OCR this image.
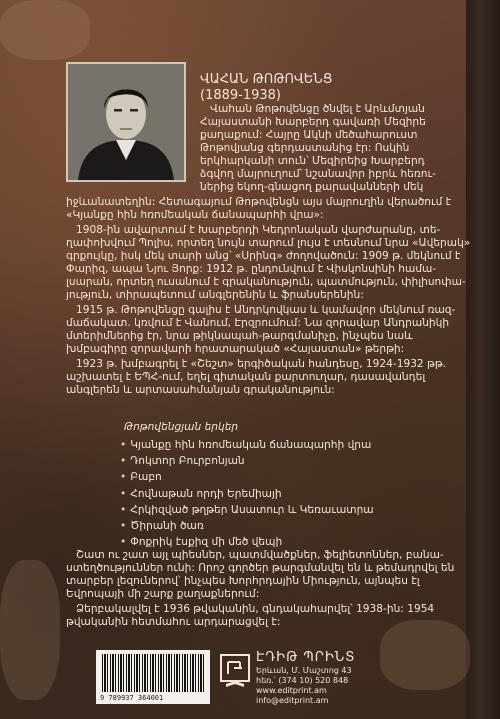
ՎԱՀԱՆ ԹՈԹՈՎԵՆՑ
(1889-1938)
Վահան Թոթովենցը ծնվել է Արևմտյան
Հայաստանի Խարբերդ գավառի Մեզիրե
քաղաքում: Հայրը Ակնի մեծահարուստ
Թոթովյանց գերդաստանից էր: Ոսկին
երկհարկանի տուն՝ Մեզիրեից Խարբերդ
ձգվող մայրուղում՝ նշանավոր իբրև հեռու-
ներից եկող-գնացող քարավանների մեկ
իջևանատեղին: Հետագայում Թոթովենցն այս մայրուղին վերածում է
«Կյանքը հին հռոմեական ճանապարհի վրա»:
1908-ին ավարտում է Խարբերդի Կեդրոնական վարժարանը, տե-
ղափոխվում Պոլիս, որտեղ նույն տարում լույս է տեսնում նրա «Ավերակ»
գրքույկը, իսկ մեկ տարի անց՝ «Սրինգ» ժողովածուն: 1909 թ. մեկնում է
Փարիզ, ապա Նյու Յորք: 1912 թ. ընդունվում է Վիսկոնսինի համա-
լսարան, որտեղ ուսանում է գրականություն, պատմություն, փիլիսոփա-
յություն, տիրապետում անգլերենին և ֆրանսերենին:
1915 թ. Թոթովենցը գալիս է Անդրկովկաս և կամավոր մեկնում ռազ-
մաճակատ. կռվում է Վանում, Էրզրումում: Նա զորավար Անդրանիկի
մտերիմներից էր, նրա թիկնապահ-թարգմանիչը, ինչպես նաև
խմբագիրը զորավարի հրատարակած «Հայաստան» թերթի:
1923 թ. խմբագրել է «Շեշտ» երգիծական հանդեսը, 1924-1932 թթ.
աշխատել է ԵՊՀ-ում, եղել գիտական քարտուղար, դասավանդել
անգլերեն և արտասահմանյան գրականություն:
Թոթովենցյան երկեր
• Կյանքը հին հռոմեական ճանապարհի վրա
• Դոկտոր Բուրբոնյան
• Բաբո
• Հովնաթան որդի Երեմիայի
• Հրկիզված թղթեր Ասատուր և Կեռաւատրա
• Ծիրանի ծառ
• Փոքրիկ էսքիզ մի մեծ վեպի
Շատ ու շատ այլ պիեսներ, պատմվածքներ, ֆելիետոններ, բանա-
ստեղծություններ ունի: Որոշ գործեր թարգմանվել են և թեմադրվել են
տարբեր լեզուներով՝ ինչպես Խորհրդային Միություն, այնպես էլ
Եվրոպայի մի շարք քաղաքներում:
Ձերբակալվել է 1936 թվականին, գնդակահարվել՝ 1938-ին: 1954
թվականին հետմահու արդարացվել է:
9 789937 364001
ԷԴԻԹ ՊՐԻՆՏ
Երևան, Մ. Մաշտոց 43
հեռ.՝ (374 10) 520 848
www.editprint.am
info@editprint.am
